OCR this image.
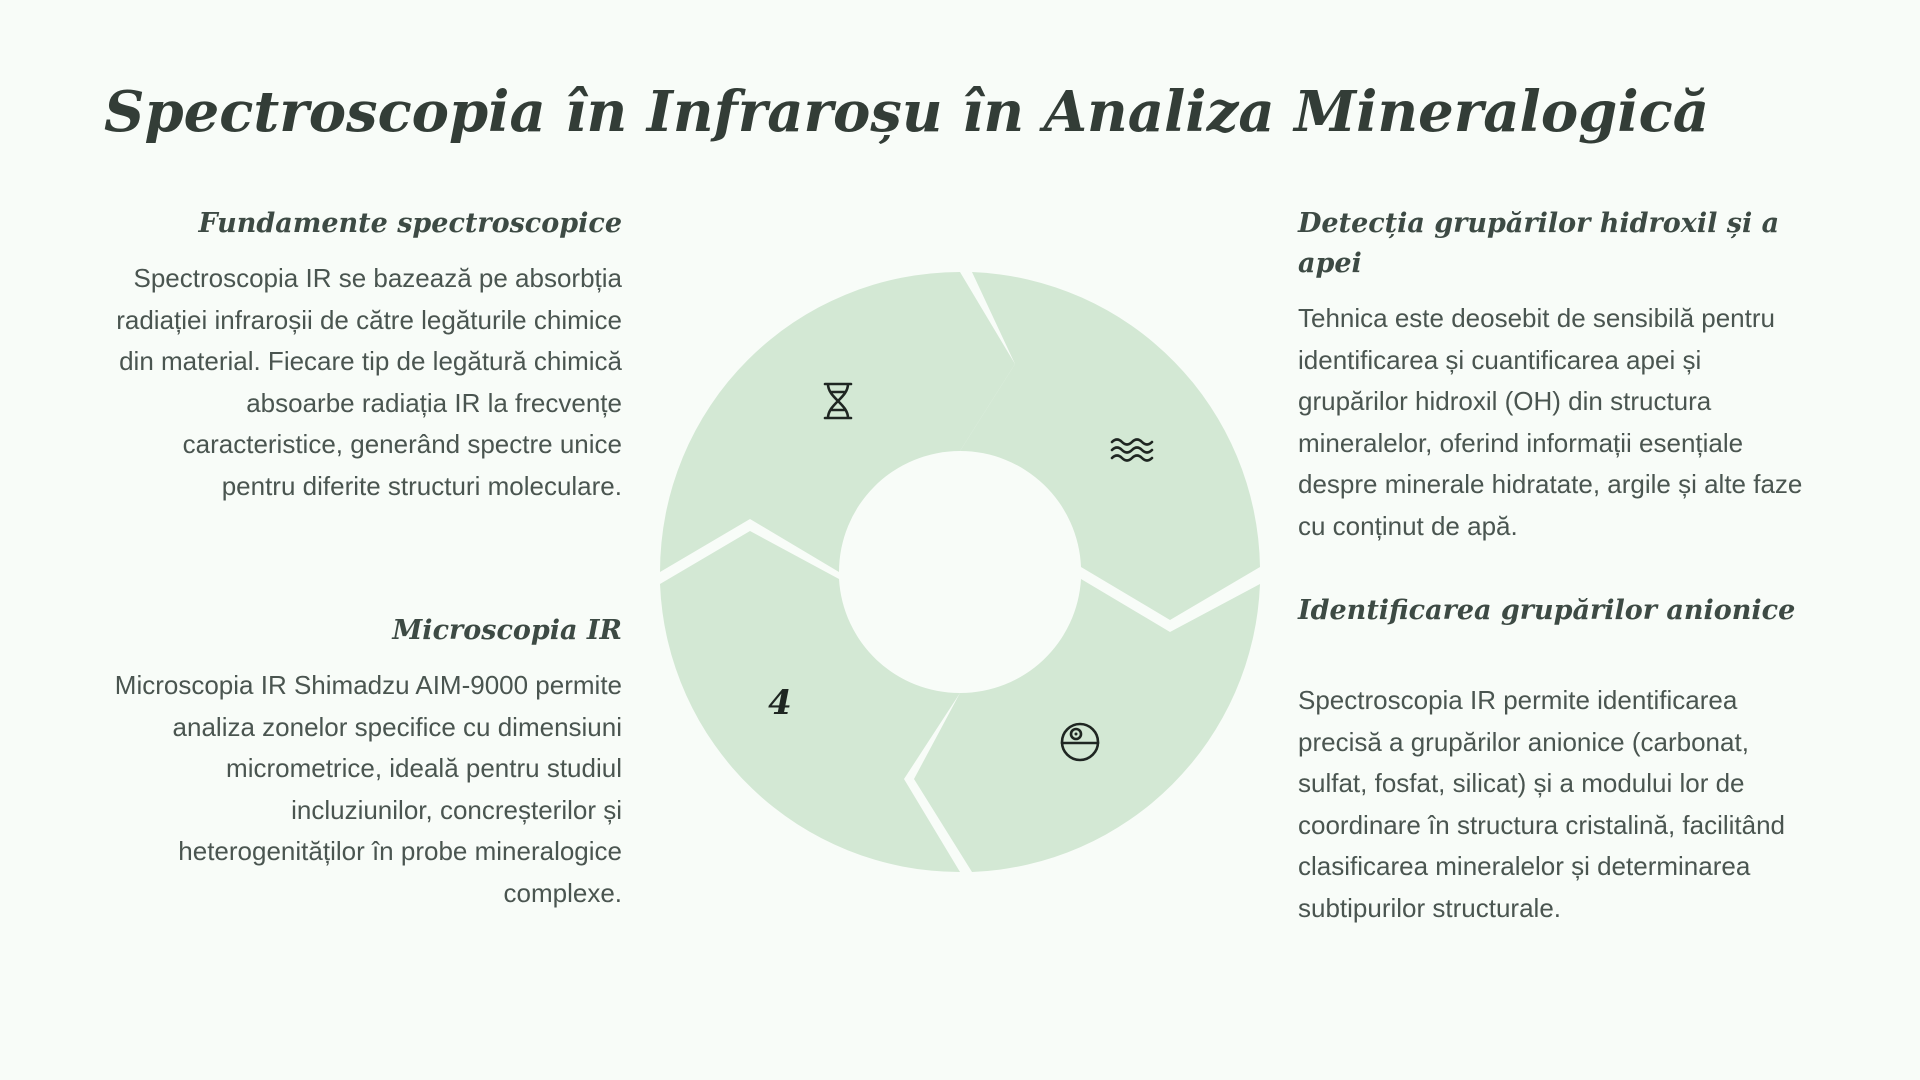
Spectroscopia în Infraroșu în Analiza Mineralogică
Fundamente spectroscopice

Spectroscopia IR se bazează pe absorbția radiației infraroșii de către legăturile chimice din material. Fiecare tip de legătură chimică absoarbe radiația IR la frecvențe caracteristice, generând spectre unice pentru diferite structuri moleculare.

Microscopia IR

Microscopia IR Shimadzu AIM-9000 permite analiza zonelor specifice cu dimensiuni micrometrice, ideală pentru studiul incluziunilor, concreșterilor și heterogenităților în probe mineralogice complexe.

Detecția grupărilor hidroxil și a apei

Tehnica este deosebit de sensibilă pentru identificarea și cuantificarea apei și grupărilor hidroxil (OH) din structura mineralelor, oferind informații esențiale despre minerale hidratate, argile și alte faze cu conținut de apă.

Identificarea grupărilor anionice

Spectroscopia IR permite identificarea precisă a grupărilor anionice (carbonat, sulfat, fosfat, silicat) și a modului lor de coordinare în structura cristalină, facilitând clasificarea mineralelor și determinarea subtipurilor structurale.

4
